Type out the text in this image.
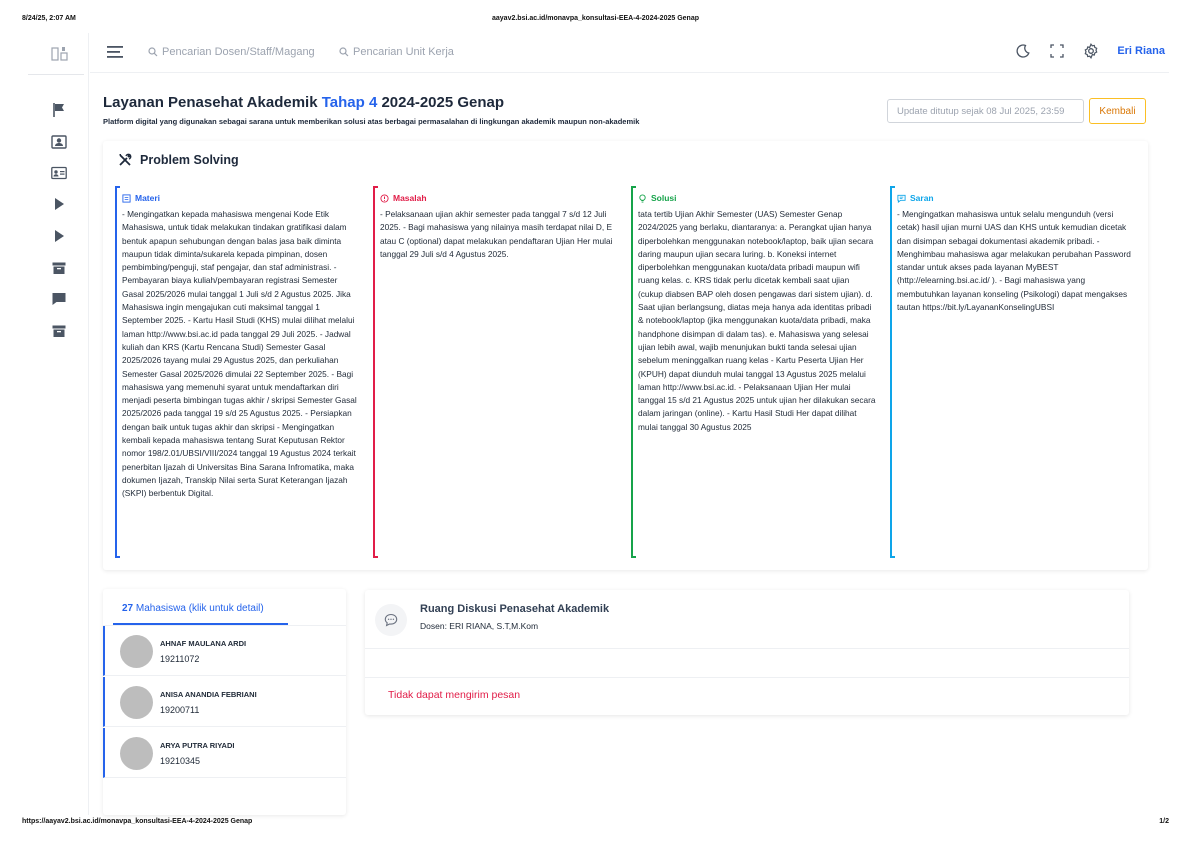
8/24/25, 2:07 AM	aayav2.bsi.ac.id/monavpa_konsultasi-EEA-4-2024-2025 Genap
Pencarian Dosen/Staff/Magang	Pencarian Unit Kerja	Eri Riana
Layanan Penasehat Akademik Tahap 4 2024-2025 Genap
Platform digital yang digunakan sebagai sarana untuk memberikan solusi atas berbagai permasalahan di lingkungan akademik maupun non-akademik
Update ditutup sejak 08 Jul 2025, 23:59	Kembali
Problem Solving
Materi
- Mengingatkan kepada mahasiswa mengenai Kode Etik Mahasiswa, untuk tidak melakukan tindakan gratifikasi dalam bentuk apapun sehubungan dengan balas jasa baik diminta maupun tidak diminta/sukarela kepada pimpinan, dosen pembimbing/penguji, staf pengajar, dan staf administrasi. - Pembayaran biaya kuliah/pembayaran registrasi Semester Gasal 2025/2026 mulai tanggal 1 Juli s/d 2 Agustus 2025. Jika Mahasiswa ingin mengajukan cuti maksimal tanggal 1 September 2025. - Kartu Hasil Studi (KHS) mulai dilihat melalui laman http://www.bsi.ac.id pada tanggal 29 Juli 2025. - Jadwal kuliah dan KRS (Kartu Rencana Studi) Semester Gasal 2025/2026 tayang mulai 29 Agustus 2025, dan perkuliahan Semester Gasal 2025/2026 dimulai 22 September 2025. - Bagi mahasiswa yang memenuhi syarat untuk mendaftarkan diri menjadi peserta bimbingan tugas akhir / skripsi Semester Gasal 2025/2026 pada tanggal 19 s/d 25 Agustus 2025. - Persiapkan dengan baik untuk tugas akhir dan skripsi - Mengingatkan kembali kepada mahasiswa tentang Surat Keputusan Rektor nomor 198/2.01/UBSI/VIII/2024 tanggal 19 Agustus 2024 terkait penerbitan Ijazah di Universitas Bina Sarana Infromatika, maka dokumen Ijazah, Transkip Nilai serta Surat Keterangan Ijazah (SKPI) berbentuk Digital.
Masalah
- Pelaksanaan ujian akhir semester pada tanggal 7 s/d 12 Juli 2025. - Bagi mahasiswa yang nilainya masih terdapat nilai D, E atau C (optional) dapat melakukan pendaftaran Ujian Her mulai tanggal 29 Juli s/d 4 Agustus 2025.
Solusi
tata tertib Ujian Akhir Semester (UAS) Semester Genap 2024/2025 yang berlaku, diantaranya: a. Perangkat ujian hanya diperbolehkan menggunakan notebook/laptop, baik ujian secara daring maupun ujian secara luring. b. Koneksi internet diperbolehkan menggunakan kuota/data pribadi maupun wifi ruang kelas. c. KRS tidak perlu dicetak kembali saat ujian (cukup diabsen BAP oleh dosen pengawas dari sistem ujian). d. Saat ujian berlangsung, diatas meja hanya ada identitas pribadi & notebook/laptop (jika menggunakan kuota/data pribadi, maka handphone disimpan di dalam tas). e. Mahasiswa yang selesai ujian lebih awal, wajib menunjukan bukti tanda selesai ujian sebelum meninggalkan ruang kelas - Kartu Peserta Ujian Her (KPUH) dapat diunduh mulai tanggal 13 Agustus 2025 melalui laman http://www.bsi.ac.id. - Pelaksanaan Ujian Her mulai tanggal 15 s/d 21 Agustus 2025 untuk ujian her dilakukan secara dalam jaringan (online). - Kartu Hasil Studi Her dapat dilihat mulai tanggal 30 Agustus 2025
Saran
- Mengingatkan mahasiswa untuk selalu mengunduh (versi cetak) hasil ujian murni UAS dan KHS untuk kemudian dicetak dan disimpan sebagai dokumentasi akademik pribadi. - Menghimbau mahasiswa agar melakukan perubahan Password standar untuk akses pada layanan MyBEST (http://elearning.bsi.ac.id/ ). - Bagi mahasiswa yang membutuhkan layanan konseling (Psikologi) dapat mengakses tautan https://bit.ly/LayananKonselingUBSI
27 Mahasiswa (klik untuk detail)
AHNAF MAULANA ARDI
19211072
ANISA ANANDIA FEBRIANI
19200711
ARYA PUTRA RIYADI
19210345
Ruang Diskusi Penasehat Akademik
Dosen: ERI RIANA, S.T,M.Kom
Tidak dapat mengirim pesan
https://aayav2.bsi.ac.id/monavpa_konsultasi-EEA-4-2024-2025 Genap	1/2
